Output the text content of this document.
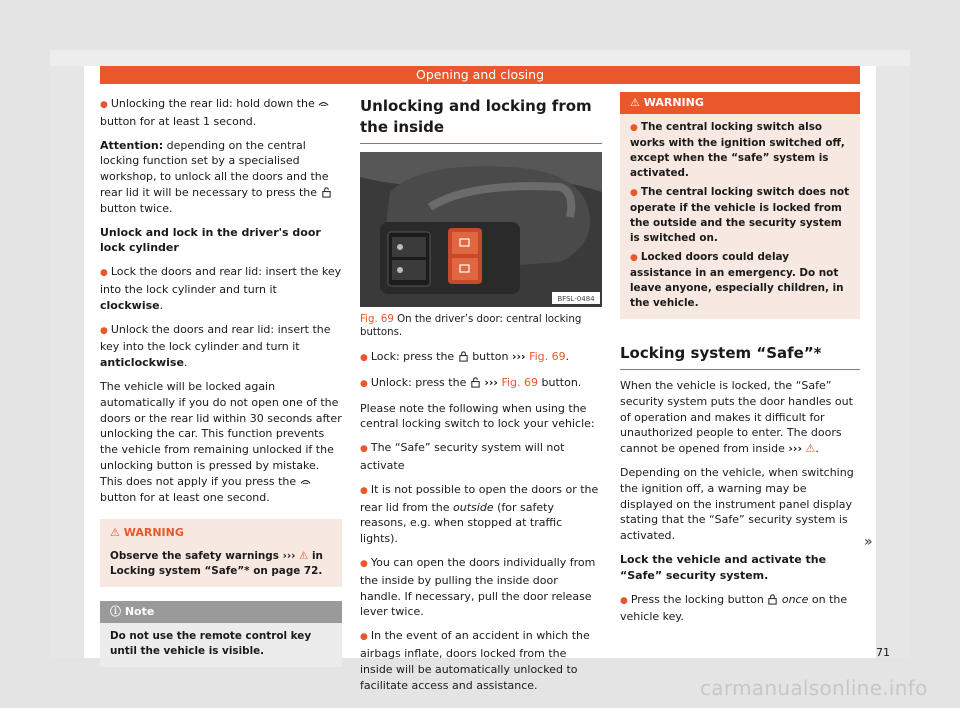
Opening and closing

● Unlocking the rear lid: hold down the  button for at least 1 second.

Attention: depending on the central locking function set by a specialised workshop, to unlock all the doors and the rear lid it will be necessary to press the  button twice.

Unlock and lock in the driver's door lock cylinder

● Lock the doors and rear lid: insert the key into the lock cylinder and turn it clockwise.

● Unlock the doors and rear lid: insert the key into the lock cylinder and turn it anticlockwise.

The vehicle will be locked again automatically if you do not open one of the doors or the rear lid within 30 seconds after unlocking the car. This function prevents the vehicle from remaining unlocked if the unlocking button is pressed by mistake. This does not apply if you press the  button for at least one second.

⚠ WARNING
Observe the safety warnings ››› ⚠ in Locking system “Safe”* on page 72.
ⓘ Note
Do not use the remote control key until the vehicle is visible.
Unlocking and locking from the inside
BFSL-0484
Fig. 69 On the driver’s door: central locking buttons.

● Lock: press the button ››› Fig. 69.

● Unlock: press the ››› Fig. 69 button.

Please note the following when using the central locking switch to lock your vehicle:

● The “Safe” security system will not activate

● It is not possible to open the doors or the rear lid from the outside (for safety reasons, e.g. when stopped at traffic lights).

● You can open the doors individually from the inside by pulling the inside door handle. If necessary, pull the door release lever twice.

● In the event of an accident in which the airbags inflate, doors locked from the inside will be automatically unlocked to facilitate access and assistance.

⚠ WARNING

● The central locking switch also works with the ignition switched off, except when the “safe” system is activated.

● The central locking switch does not operate if the vehicle is locked from the outside and the security system is switched on.

● Locked doors could delay assistance in an emergency. Do not leave anyone, especially children, in the vehicle.

Locking system “Safe”*

When the vehicle is locked, the “Safe” security system puts the door handles out of operation and makes it difficult for unauthorized people to enter. The doors cannot be opened from inside ››› ⚠.

Depending on the vehicle, when switching the ignition off, a warning may be displayed on the instrument panel display stating that the “Safe” security system is activated.

Lock the vehicle and activate the “Safe” security system.

● Press the locking button once on the vehicle key.

»
71
carmanualsonline.info
